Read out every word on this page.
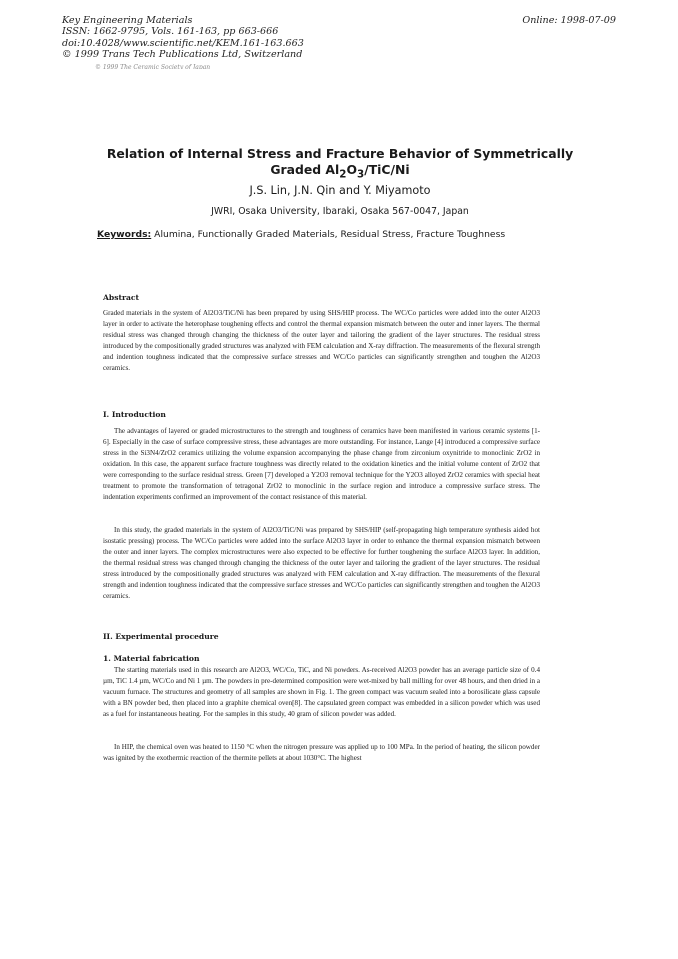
Key Engineering Materials
ISSN: 1662-9795, Vols. 161-163, pp 663-666
doi:10.4028/www.scientific.net/KEM.161-163.663
© 1999 Trans Tech Publications Ltd, Switzerland
Online: 1998-07-09
© 1999 The Ceramic Society of Japan
Relation of Internal Stress and Fracture Behavior of Symmetrically
Graded $Al_2O_3/TiC/Ni$
J.S. Lin, J.N. Qin and Y. Miyamoto
JWRI, Osaka University, Ibaraki, Osaka 567-0047, Japan
Keywords: Alumina, Functionally Graded Materials, Residual Stress, Fracture Toughness
Abstract
Graded materials in the system of Al2O3/TiC/Ni has been prepared by using SHS/HIP process. The WC/Co particles were added into the outer Al2O3 layer in order to activate the heterophase toughening effects and control the thermal expansion mismatch between the outer and inner layers. The thermal residual stress was changed through changing the thickness of the outer layer and tailoring the gradient of the layer structures. The residual stress introduced by the compositionally graded structures was analyzed with FEM calculation and X-ray diffraction. The measurements of the flexural strength and indention toughness indicated that the compressive surface stresses and WC/Co particles can significantly strengthen and toughen the Al2O3 ceramics.
I. Introduction
The advantages of layered or graded microstructures to the strength and toughness of ceramics have been manifested in various ceramic systems [1-6]. Especially in the case of surface compressive stress, these advantages are more outstanding. For instance, Lange [4] introduced a compressive surface stress in the Si3N4/ZrO2 ceramics utilizing the volume expansion accompanying the phase change from zirconium oxynitride to monoclinic ZrO2 in oxidation. In this case, the apparent surface fracture toughness was directly related to the oxidation kinetics and the initial volume content of ZrO2 that were corresponding to the surface residual stress. Green [7] developed a Y2O3 removal technique for the Y2O3 alloyed ZrO2 ceramics with special heat treatment to promote the transformation of tetragonal ZrO2 to monoclinic in the surface region and introduce a compressive surface stress. The indentation experiments confirmed an improvement of the contact resistance of this material.
In this study, the graded materials in the system of Al2O3/TiC/Ni was prepared by SHS/HIP (self-propagating high temperature synthesis aided hot isostatic pressing) process. The WC/Co particles were added into the surface Al2O3 layer in order to enhance the thermal expansion mismatch between the outer and inner layers. The complex microstructures were also expected to be effective for further toughening the surface Al2O3 layer. In addition, the thermal residual stress was changed through changing the thickness of the outer layer and tailoring the gradient of the layer structures. The residual stress introduced by the compositionally graded structures was analyzed with FEM calculation and X-ray diffraction. The measurements of the flexural strength and indention toughness indicated that the compressive surface stresses and WC/Co particles can significantly strengthen and toughen the Al2O3 ceramics.
II. Experimental procedure
1. Material fabrication
The starting materials used in this research are Al2O3, WC/Co, TiC, and Ni powders. As-received Al2O3 powder has an average particle size of 0.4 µm, TiC 1.4 µm, WC/Co and Ni 1 µm. The powders in pre-determined composition were wet-mixed by ball milling for over 48 hours, and then dried in a vacuum furnace. The structures and geometry of all samples are shown in Fig. 1. The green compact was vacuum sealed into a borosilicate glass capsule with a BN powder bed, then placed into a graphite chemical oven[8]. The capsulated green compact was embedded in a silicon powder which was used as a fuel for instantaneous heating. For the samples in this study, 40 gram of silicon powder was added.
In HIP, the chemical oven was heated to 1150 °C when the nitrogen pressure was applied up to 100 MPa. In the period of heating, the silicon powder was ignited by the exothermic reaction of the thermite pellets at about 1030°C. The highest
